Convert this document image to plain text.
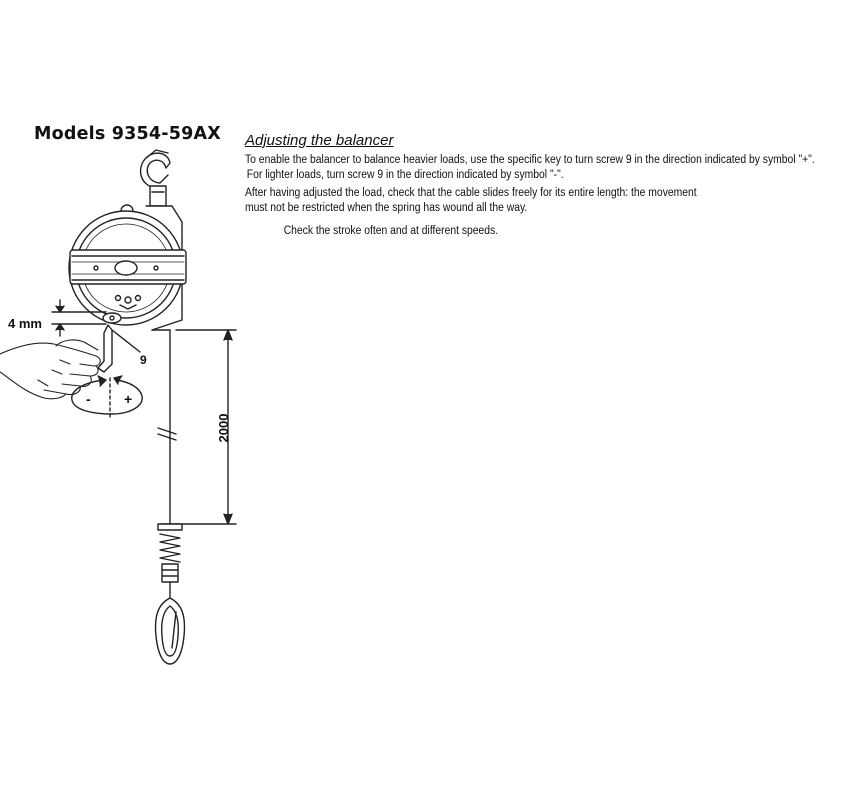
Models 9354-59AX Adjusting the balancer

To enable the balancer to balance heavier loads, use the specific key to turn screw 9 in the direction indicated by symbol "+".

For lighter loads, turn screw 9 in the direction indicated by symbol "-".

After having adjusted the load, check that the cable slides freely for its entire length: the movement

must not be restricted when the spring has wound all the way.

Check the stroke often and at different speeds.

4 mm
9
2000
- +
